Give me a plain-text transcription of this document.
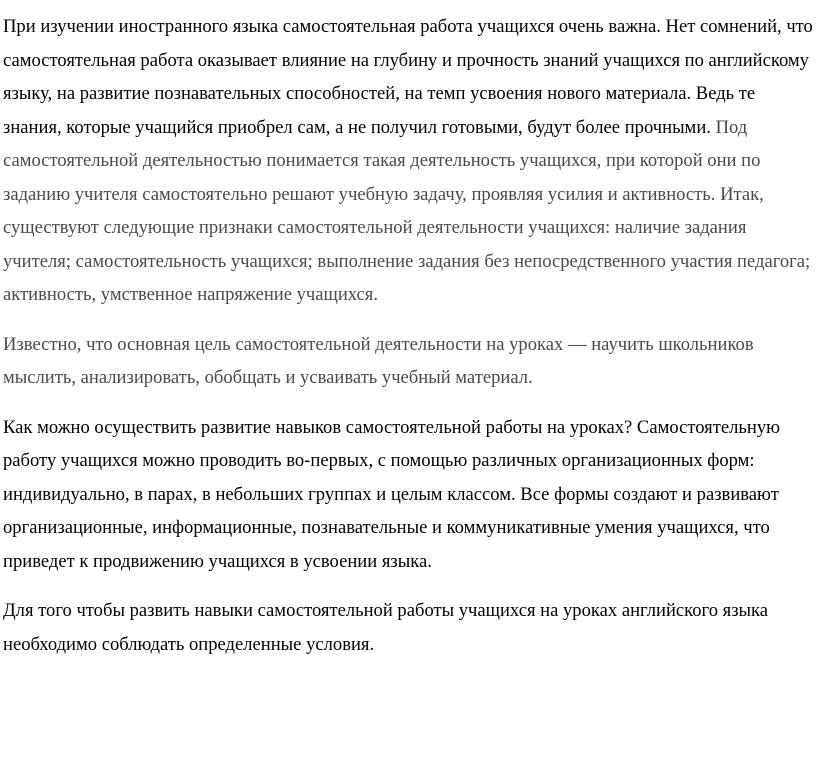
При изучении иностранного языка самостоятельная работа учащихся очень важна. Нет сомнений, что самостоятельная работа оказывает влияние на глубину и прочность знаний учащихся по английскому языку, на развитие познавательных способностей, на темп усвоения нового материала. Ведь те знания, которые учащийся приобрел сам, а не получил готовыми, будут более прочными. Под самостоятельной деятельностью понимается такая деятельность учащихся, при которой они по заданию учителя самостоятельно решают учебную задачу, проявляя усилия и активность. Итак, существуют следующие признаки самостоятельной деятельности учащихся: наличие задания учителя; самостоятельность учащихся; выполнение задания без непосредственного участия педагога; активность, умственное напряжение учащихся.

Известно, что основная цель самостоятельной деятельности на уроках — научить школьников мыслить, анализировать, обобщать и усваивать учебный материал.

Как можно осуществить развитие навыков самостоятельной работы на уроках? Самостоятельную работу учащихся можно проводить во-первых, с помощью различных организационных форм: индивидуально, в парах, в небольших группах и целым классом. Все формы создают и развивают организационные, информационные, познавательные и коммуникативные умения учащихся, что приведет к продвижению учащихся в усвоении языка.

Для того чтобы развить навыки самостоятельной работы учащихся на уроках английского языка необходимо соблюдать определенные условия.
